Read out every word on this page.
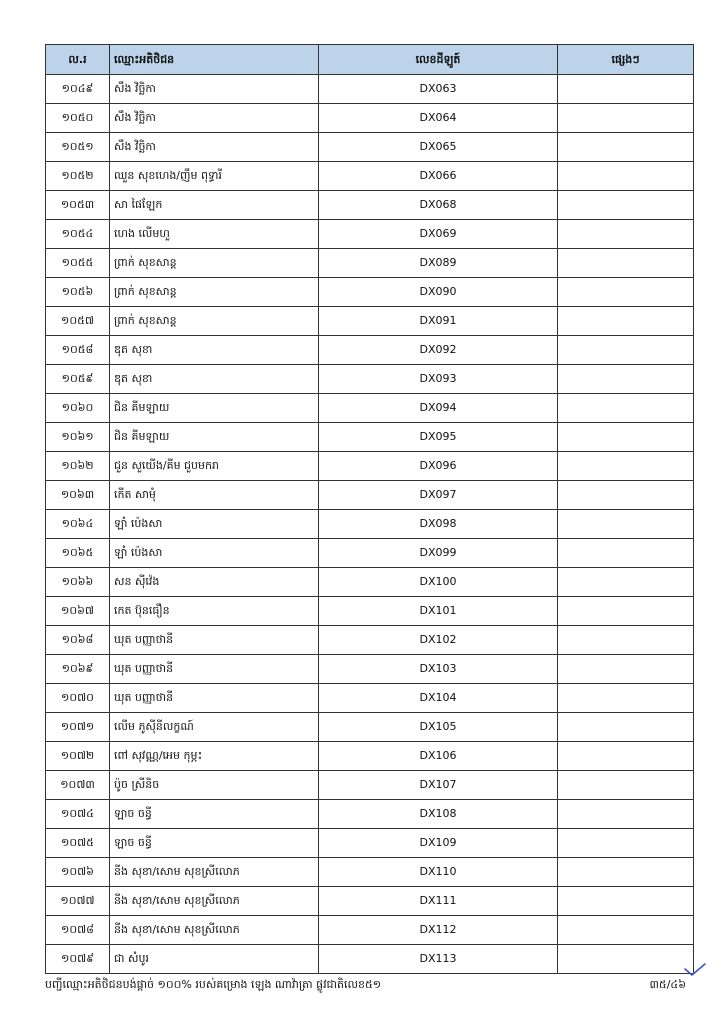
ល.រ	ឈ្មោះអតិថិជន	លេខដីឡូត៍	ផ្សេងៗ
១០៤៩	សឹង វិច្ឆិកា	DX063	
១០៥០	សឹង វិច្ឆិកា	DX064	
១០៥១	សឹង វិច្ឆិកា	DX065	
១០៥២	ឈួន សុខហេង/ញឹម ពុទ្ធារី	DX066	
១០៥៣	សា ផៃឡែក	DX068	
១០៥៤	ហេង លើមហួ	DX069	
១០៥៥	ព្រាក់ សុខសាន្ត	DX089	
១០៥៦	ព្រាក់ សុខសាន្ត	DX090	
១០៥៧	ព្រាក់ សុខសាន្ត	DX091	
១០៥៨	ឌុត សុខា	DX092	
១០៥៩	ឌុត សុខា	DX093	
១០៦០	ជិន គីមឡាយ	DX094	
១០៦១	ជិន គីមឡាយ	DX095	
១០៦២	ជួន សួយើង/គីម ជួបមករា	DX096	
១០៦៣	កើត សាមុំ	DX097	
១០៦៤	ឡាំ ប៉េងសា	DX098	
១០៦៥	ឡាំ ប៉េងសា	DX099	
១០៦៦	សន ស៊ីវ៉េង	DX100	
១០៦៧	កេត ប៊ុនធឿន	DX101	
១០៦៨	ឃុត បញ្ញាថានី	DX102	
១០៦៩	ឃុត បញ្ញាថានី	DX103	
១០៧០	ឃុត បញ្ញាថានី	DX104	
១០៧១	លើម ភូស៊ីនីលក្ខណ៍	DX105	
១០៧២	ពៅ សុវណ្ណ/អេម កុម្ភះ	DX106	
១០៧៣	ប៉ូច ស្រីនិច	DX107	
១០៧៤	ឡាច ចន្ធី	DX108	
១០៧៥	ឡាច ចន្ធី	DX109	
១០៧៦	នីង សុខា/សោម សុខស្រីលោភ	DX110	
១០៧៧	នីង សុខា/សោម សុខស្រីលោភ	DX111	
១០៧៨	នីង សុខា/សោម សុខស្រីលោភ	DX112	
១០៧៩	ជា សំបូរ	DX113	
បញ្ជីឈ្មោះអតិថិជនបង់ផ្តាច់ ១០០% របស់គម្រោង ឡេង ណាវ៉ាត្រា ផ្លូវជាតិលេខ៥១	៣៥/៤៦
